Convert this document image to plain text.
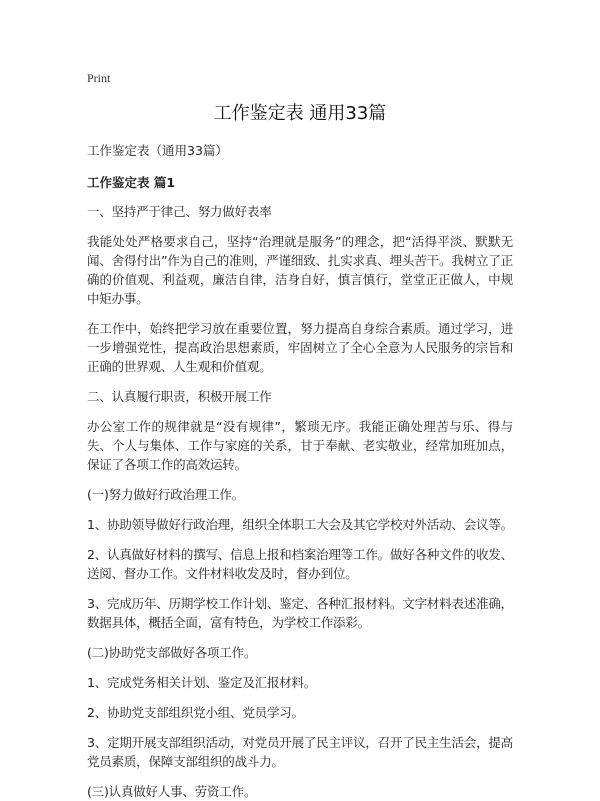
Print
工作鉴定表 通用33篇
工作鉴定表（通用33篇）
工作鉴定表 篇1

一、坚持严于律己、努力做好表率

我能处处严格要求自己，坚持“治理就是服务”的理念，把“活得平淡、默默无闻、舍得付出”作为自己的准则，严谨细致、扎实求真、埋头苦干。我树立了正确的价值观、利益观，廉洁自律，洁身自好，慎言慎行，堂堂正正做人，中规中矩办事。

在工作中，始终把学习放在重要位置，努力提高自身综合素质。通过学习，进一步增强党性，提高政治思想素质，牢固树立了全心全意为人民服务的宗旨和正确的世界观、人生观和价值观。

二、认真履行职责，积极开展工作

办公室工作的规律就是“没有规律”，繁琐无序。我能正确处理苦与乐、得与失、个人与集体、工作与家庭的关系，甘于奉献、老实敬业，经常加班加点，保证了各项工作的高效运转。

(一)努力做好行政治理工作。

1、协助领导做好行政治理，组织全体职工大会及其它学校对外活动、会议等。

2、认真做好材料的撰写、信息上报和档案治理等工作。做好各种文件的收发、送阅、督办工作。文件材料收发及时，督办到位。

3、完成历年、历期学校工作计划、鉴定、各种汇报材料。文字材料表述准确，数据具体，概括全面，富有特色，为学校工作添彩。

(二)协助党支部做好各项工作。

1、完成党务相关计划、鉴定及汇报材料。

2、协助党支部组织党小组、党员学习。

3、定期开展支部组织活动，对党员开展了民主评议，召开了民主生活会，提高党员素质，保障支部组织的战斗力。

(三)认真做好人事、劳资工作。
